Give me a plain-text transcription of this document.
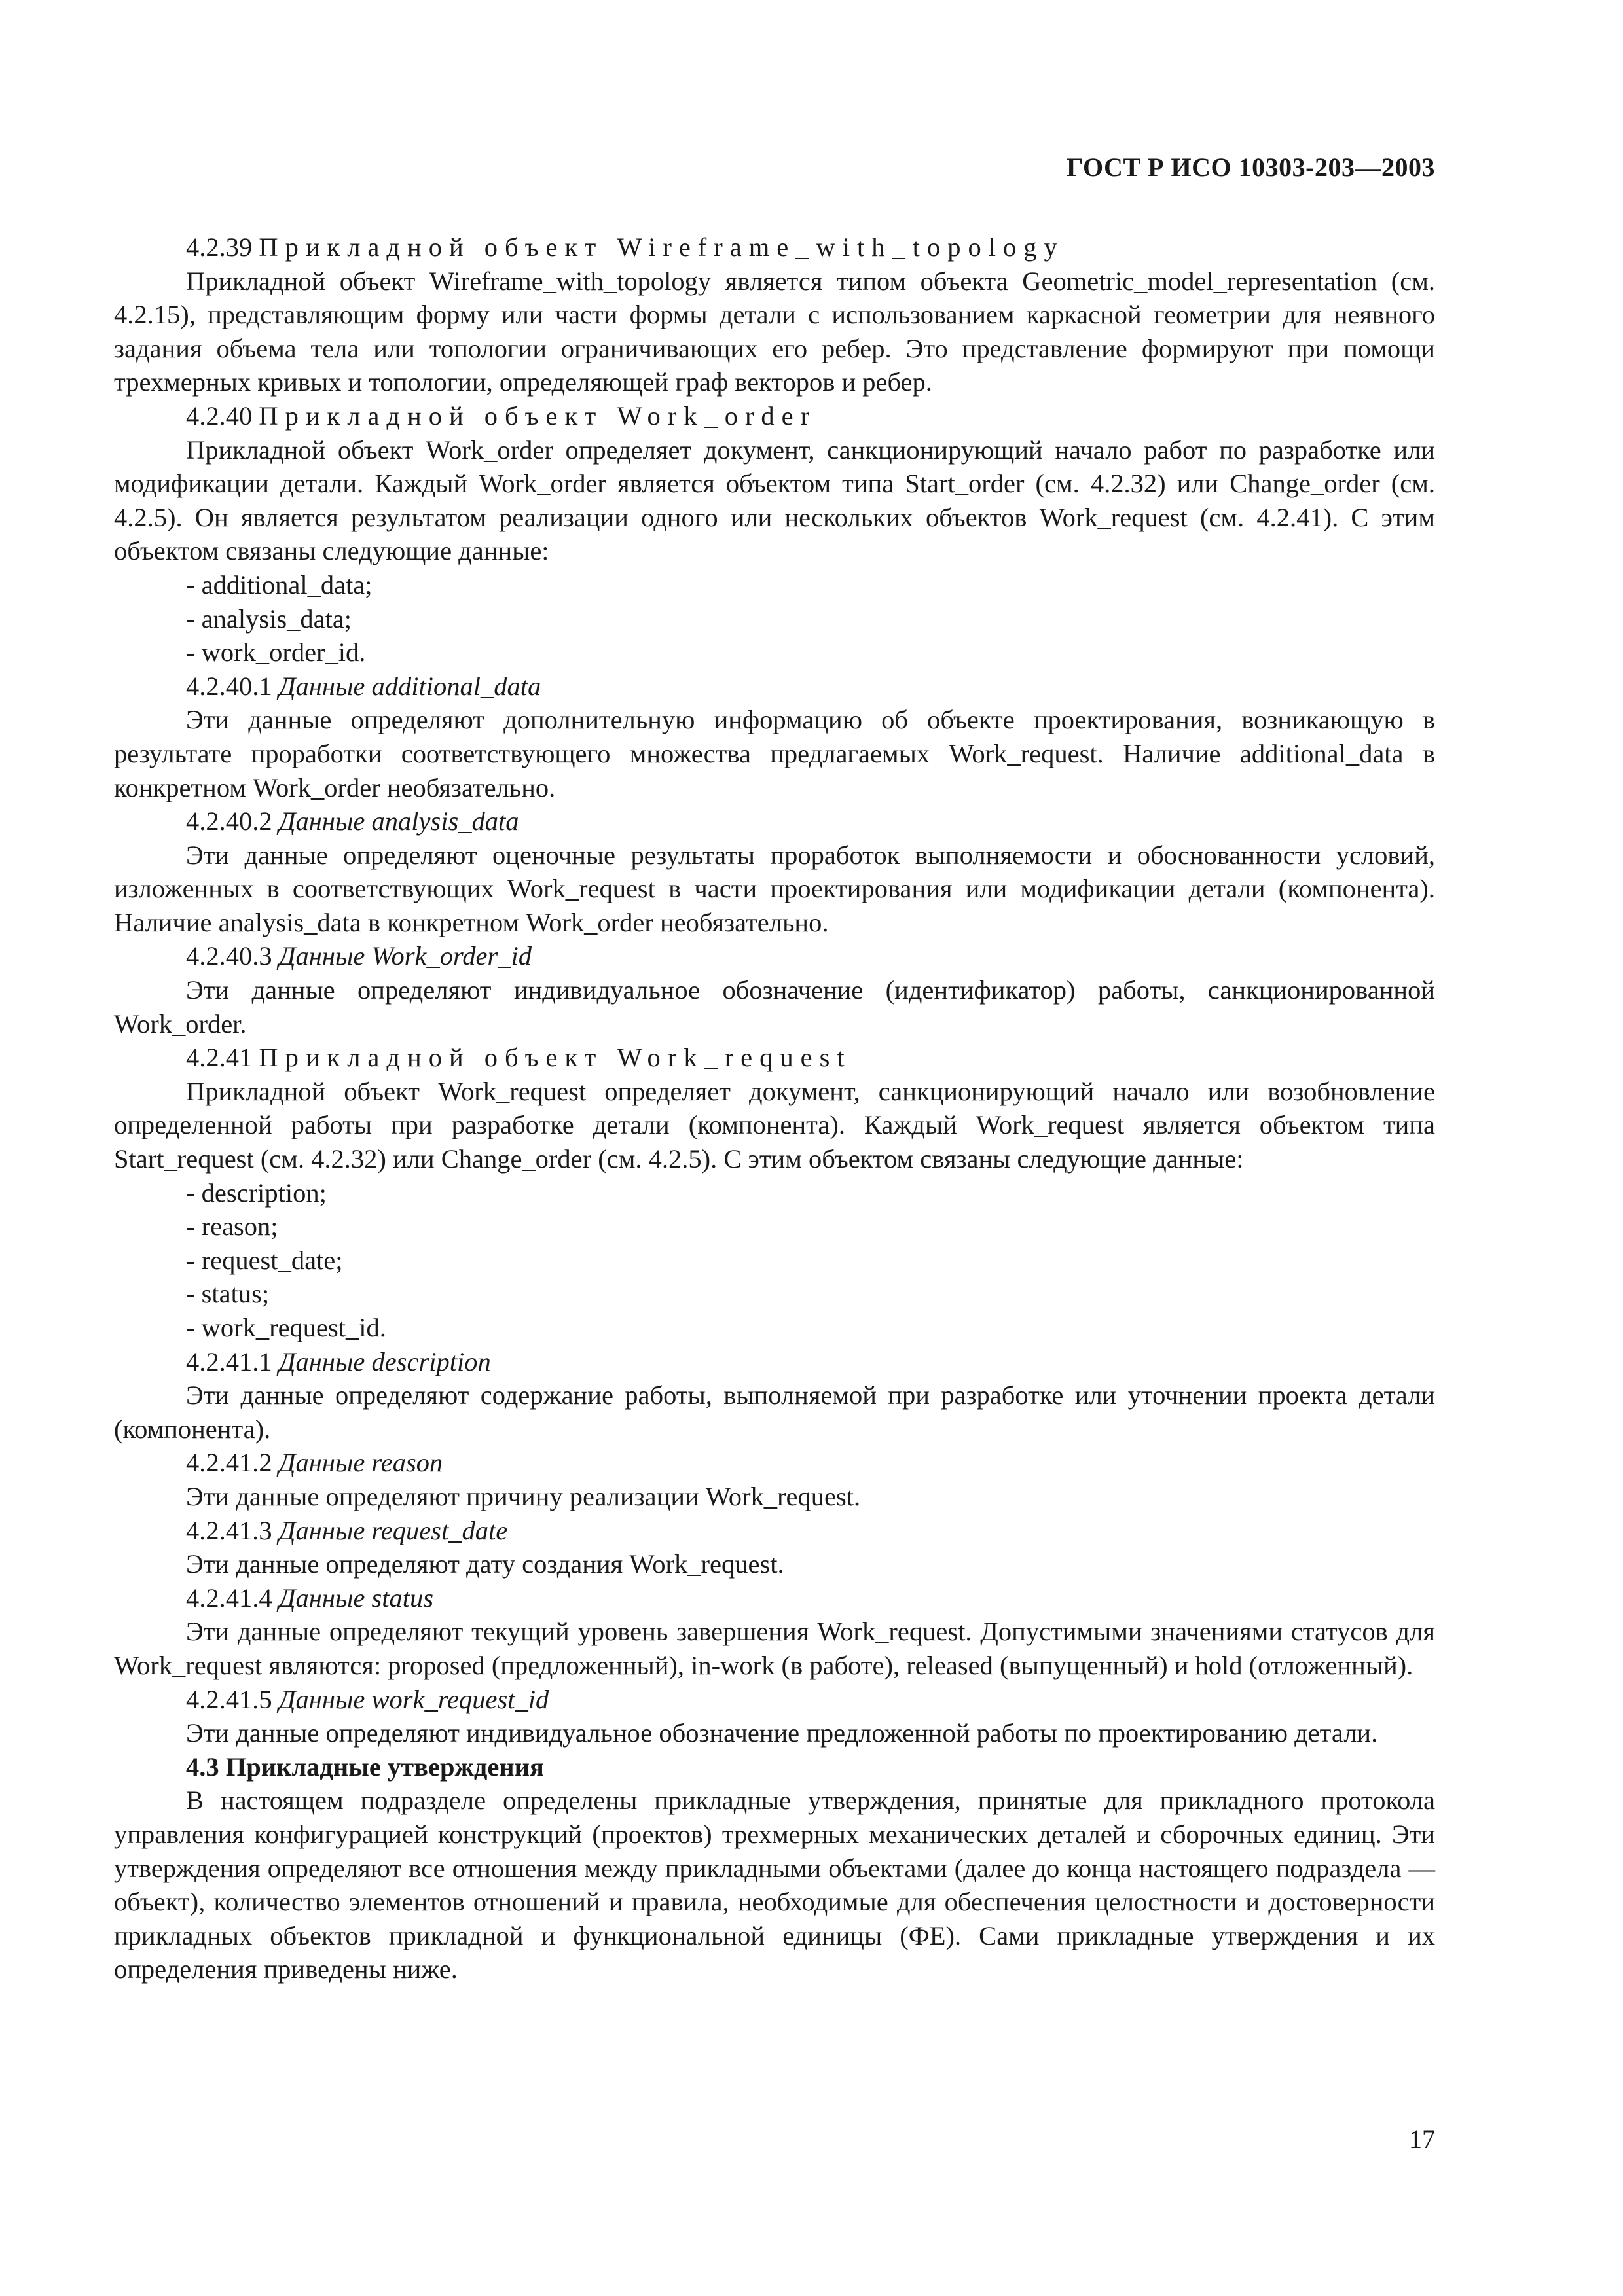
ГОСТ Р ИСО 10303-203—2003
4.2.39 Прикладной объект Wireframe_with_topology

Прикладной объект Wireframe_with_topology является типом объекта Geometric_model_representation (см. 4.2.15), представляющим форму или части формы детали с использованием каркасной геометрии для неявного задания объема тела или топологии ограничивающих его ребер. Это представление формируют при помощи трехмерных кривых и топологии, определяющей граф векторов и ребер.

4.2.40 Прикладной объект Work_order

Прикладной объект Work_order определяет документ, санкционирующий начало работ по разработке или модификации детали. Каждый Work_order является объектом типа Start_order (см. 4.2.32) или Change_order (см. 4.2.5). Он является результатом реализации одного или нескольких объектов Work_request (см. 4.2.41). С этим объектом связаны следующие данные:

- additional_data;
- analysis_data;
- work_order_id.
4.2.40.1 Данные additional_data

Эти данные определяют дополнительную информацию об объекте проектирования, возникающую в результате проработки соответствующего множества предлагаемых Work_request. Наличие additional_data в конкретном Work_order необязательно.

4.2.40.2 Данные analysis_data

Эти данные определяют оценочные результаты проработок выполняемости и обоснованности условий, изложенных в соответствующих Work_request в части проектирования или модификации детали (компонента). Наличие analysis_data в конкретном Work_order необязательно.

4.2.40.3 Данные Work_order_id

Эти данные определяют индивидуальное обозначение (идентификатор) работы, санкционированной Work_order.

4.2.41 Прикладной объект Work_request

Прикладной объект Work_request определяет документ, санкционирующий начало или возобновление определенной работы при разработке детали (компонента). Каждый Work_request является объектом типа Start_request (см. 4.2.32) или Change_order (см. 4.2.5). С этим объектом связаны следующие данные:

- description;
- reason;
- request_date;
- status;
- work_request_id.
4.2.41.1 Данные description

Эти данные определяют содержание работы, выполняемой при разработке или уточнении проекта детали (компонента).

4.2.41.2 Данные reason

Эти данные определяют причину реализации Work_request.

4.2.41.3 Данные request_date

Эти данные определяют дату создания Work_request.

4.2.41.4 Данные status

Эти данные определяют текущий уровень завершения Work_request. Допустимыми значениями статусов для Work_request являются: proposed (предложенный), in-work (в работе), released (выпущенный) и hold (отложенный).

4.2.41.5 Данные work_request_id

Эти данные определяют индивидуальное обозначение предложенной работы по проектированию детали.

4.3 Прикладные утверждения

В настоящем подразделе определены прикладные утверждения, принятые для прикладного протокола управления конфигурацией конструкций (проектов) трехмерных механических деталей и сборочных единиц. Эти утверждения определяют все отношения между прикладными объектами (далее до конца настоящего подраздела — объект), количество элементов отношений и правила, необходимые для обеспечения целостности и достоверности прикладных объектов прикладной и функциональной единицы (ФЕ). Сами прикладные утверждения и их определения приведены ниже.

17
